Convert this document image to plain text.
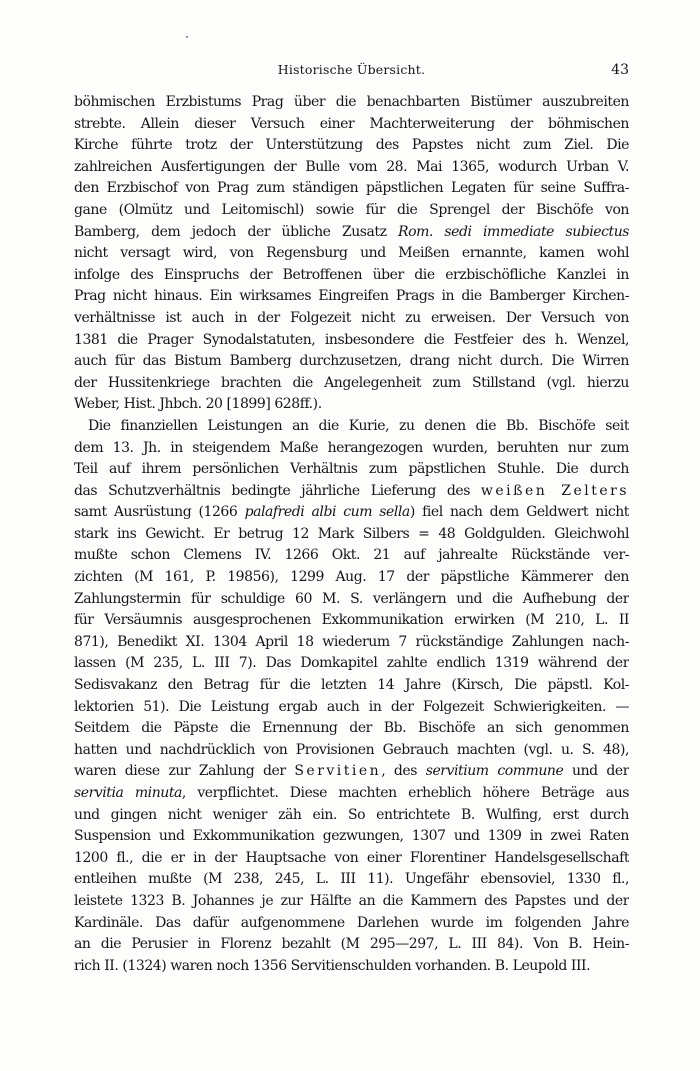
Historische Übersicht.	43
böhmischen Erzbistums Prag über die benachbarten Bistümer auszubreiten
strebte. Allein dieser Versuch einer Machterweiterung der böhmischen
Kirche führte trotz der Unterstützung des Papstes nicht zum Ziel. Die
zahlreichen Ausfertigungen der Bulle vom 28. Mai 1365, wodurch Urban V.
den Erzbischof von Prag zum ständigen päpstlichen Legaten für seine Suffra-
gane (Olmütz und Leitomischl) sowie für die Sprengel der Bischöfe von
Bamberg, dem jedoch der übliche Zusatz Rom. sedi immediate subiectus
nicht versagt wird, von Regensburg und Meißen ernannte, kamen wohl
infolge des Einspruchs der Betroffenen über die erzbischöfliche Kanzlei in
Prag nicht hinaus. Ein wirksames Eingreifen Prags in die Bamberger Kirchen-
verhältnisse ist auch in der Folgezeit nicht zu erweisen. Der Versuch von
1381 die Prager Synodalstatuten, insbesondere die Festfeier des h. Wenzel,
auch für das Bistum Bamberg durchzusetzen, drang nicht durch. Die Wirren
der Hussitenkriege brachten die Angelegenheit zum Stillstand (vgl. hierzu
Weber, Hist. Jhbch. 20 [1899] 628ff.).
Die finanziellen Leistungen an die Kurie, zu denen die Bb. Bischöfe seit
dem 13. Jh. in steigendem Maße herangezogen wurden, beruhten nur zum
Teil auf ihrem persönlichen Verhältnis zum päpstlichen Stuhle. Die durch
das Schutzverhältnis bedingte jährliche Lieferung des weißen Zelters
samt Ausrüstung (1266 palafredi albi cum sella) fiel nach dem Geldwert nicht
stark ins Gewicht. Er betrug 12 Mark Silbers = 48 Goldgulden. Gleichwohl
mußte schon Clemens IV. 1266 Okt. 21 auf jahrealte Rückstände ver-
zichten (M 161, P. 19856), 1299 Aug. 17 der päpstliche Kämmerer den
Zahlungstermin für schuldige 60 M. S. verlängern und die Aufhebung der
für Versäumnis ausgesprochenen Exkommunikation erwirken (M 210, L. II
871), Benedikt XI. 1304 April 18 wiederum 7 rückständige Zahlungen nach-
lassen (M 235, L. III 7). Das Domkapitel zahlte endlich 1319 während der
Sedisvakanz den Betrag für die letzten 14 Jahre (Kirsch, Die päpstl. Kol-
lektorien 51). Die Leistung ergab auch in der Folgezeit Schwierigkeiten. —
Seitdem die Päpste die Ernennung der Bb. Bischöfe an sich genommen
hatten und nachdrücklich von Provisionen Gebrauch machten (vgl. u. S. 48),
waren diese zur Zahlung der Servitien, des servitium commune und der
servitia minuta, verpflichtet. Diese machten erheblich höhere Beträge aus
und gingen nicht weniger zäh ein. So entrichtete B. Wulfing, erst durch
Suspension und Exkommunikation gezwungen, 1307 und 1309 in zwei Raten
1200 fl., die er in der Hauptsache von einer Florentiner Handelsgesellschaft
entleihen mußte (M 238, 245, L. III 11). Ungefähr ebensoviel, 1330 fl.,
leistete 1323 B. Johannes je zur Hälfte an die Kammern des Papstes und der
Kardinäle. Das dafür aufgenommene Darlehen wurde im folgenden Jahre
an die Perusier in Florenz bezahlt (M 295—297, L. III 84). Von B. Hein-
rich II. (1324) waren noch 1356 Servitienschulden vorhanden. B. Leupold III.
